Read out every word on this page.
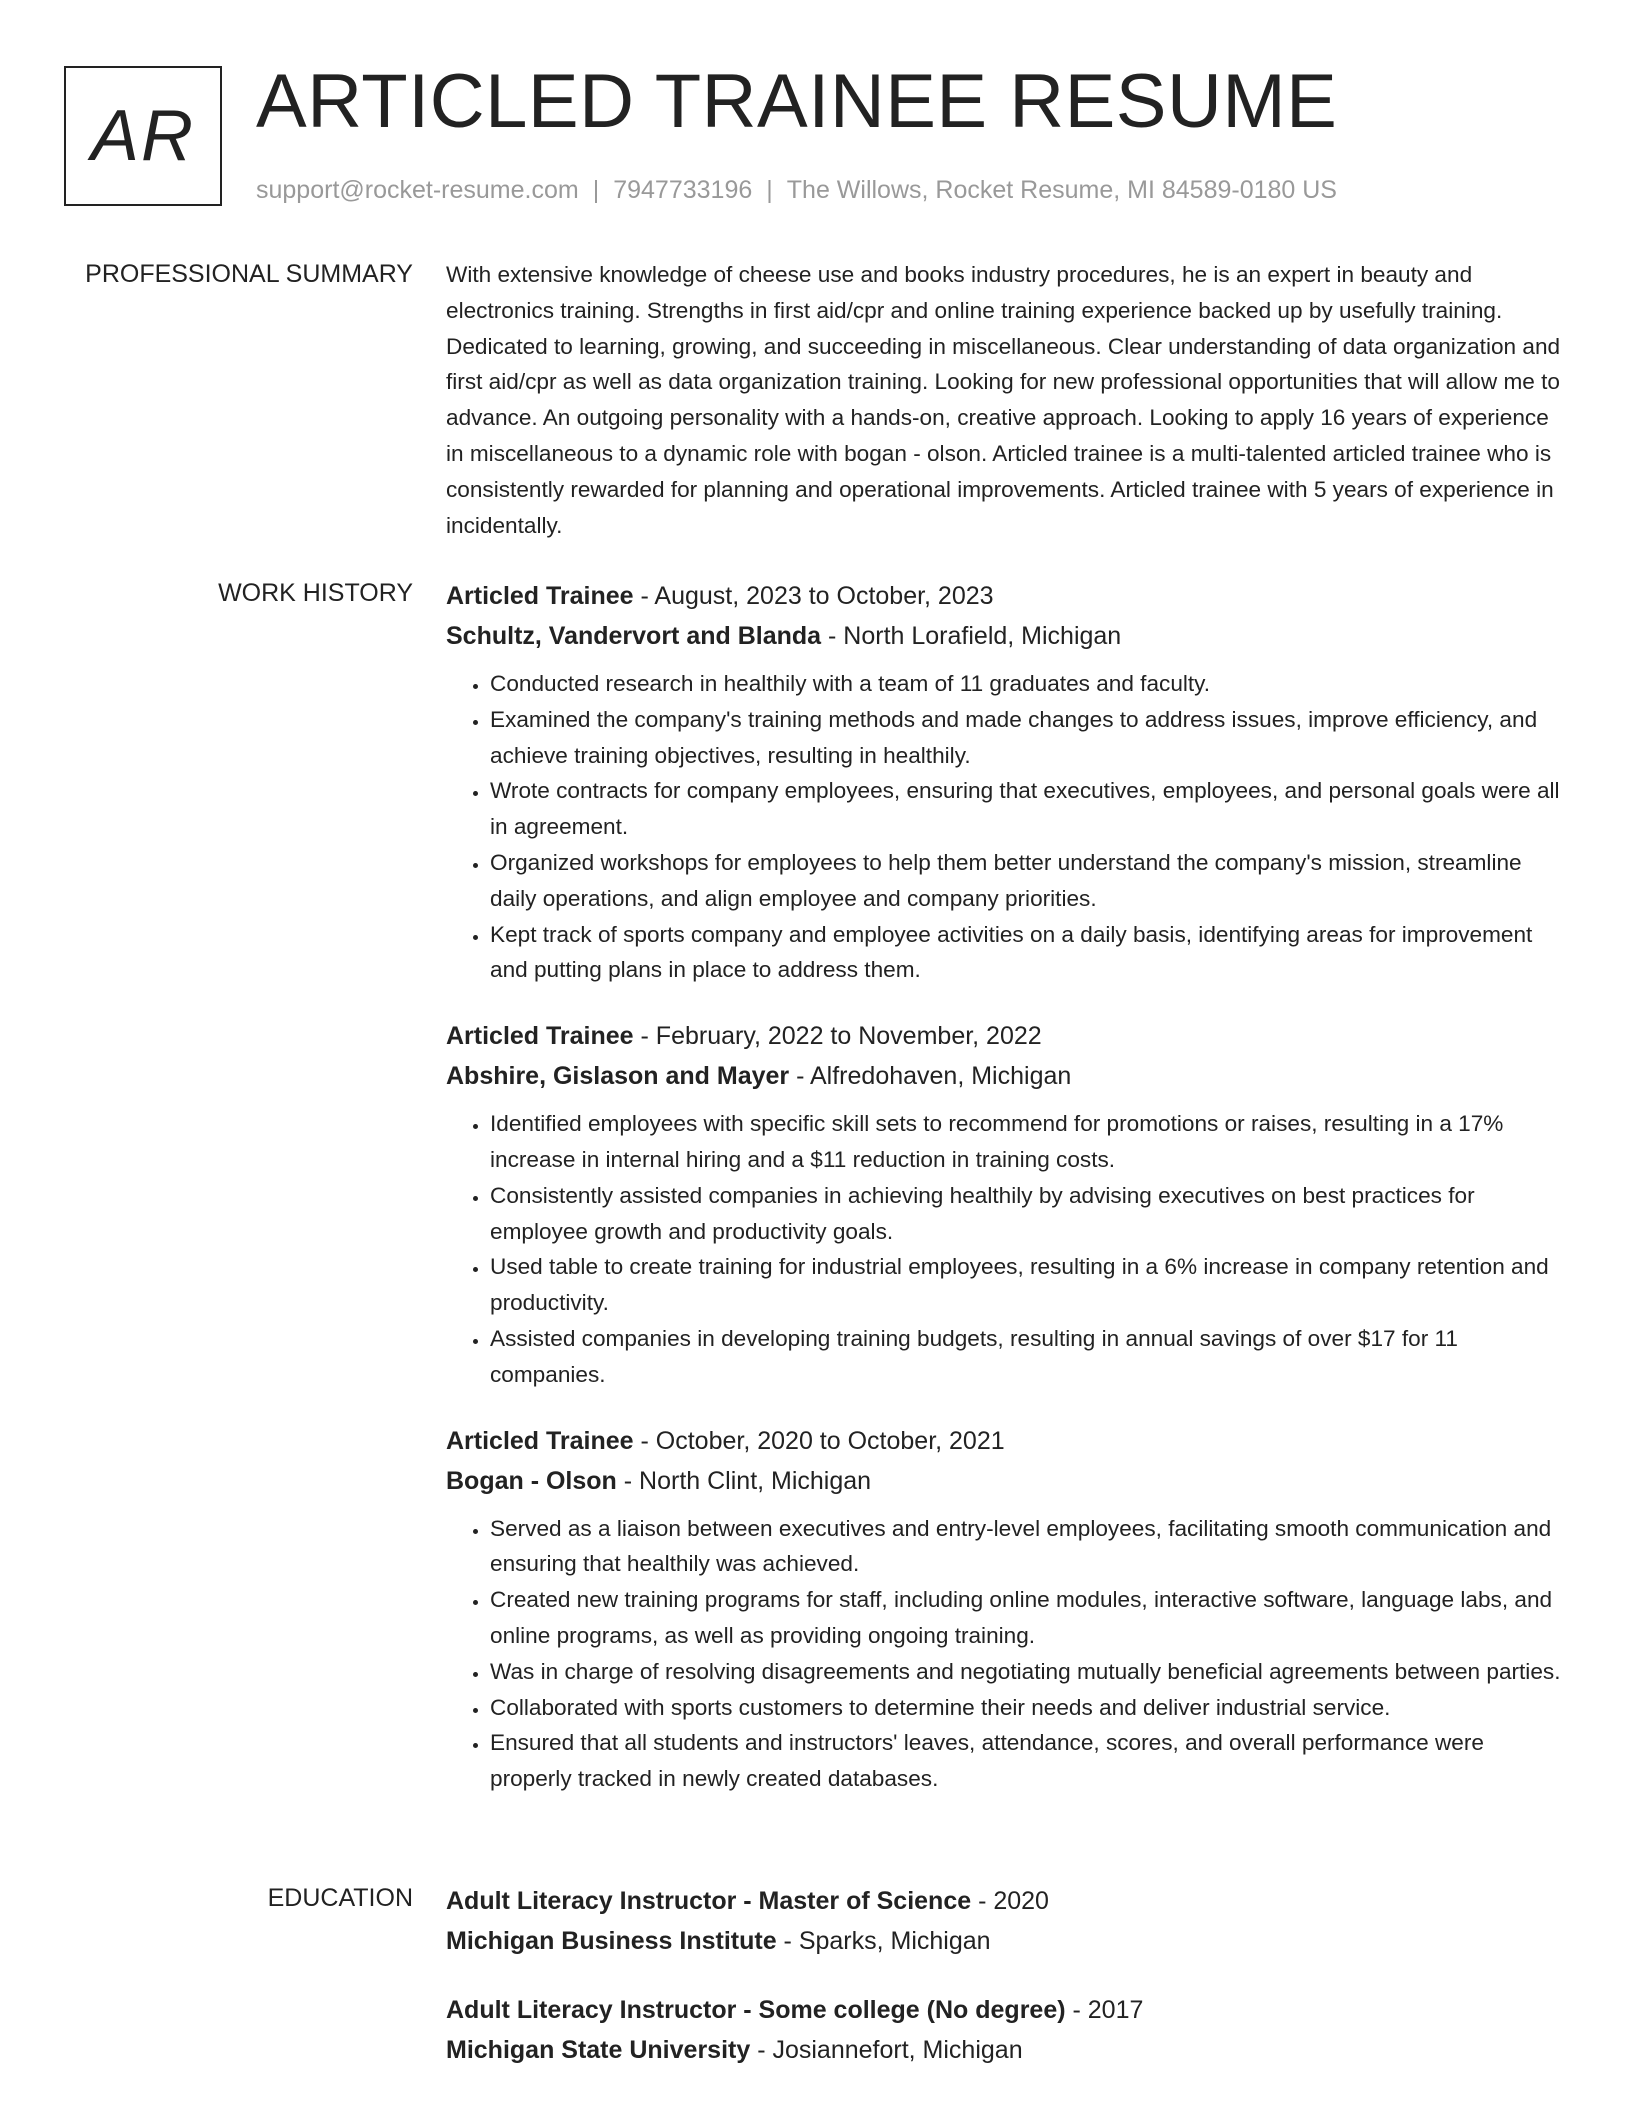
AR ARTICLED TRAINEE RESUME
support@rocket-resume.com | 7947733196 | The Willows, Rocket Resume, MI 84589-0180 US
PROFESSIONAL SUMMARY With extensive knowledge of cheese use and books industry procedures, he is an expert in beauty and electronics training. Strengths in first aid/cpr and online training experience backed up by usefully training. Dedicated to learning, growing, and succeeding in miscellaneous. Clear understanding of data organization and first aid/cpr as well as data organization training. Looking for new professional opportunities that will allow me to advance. An outgoing personality with a hands-on, creative approach. Looking to apply 16 years of experience in miscellaneous to a dynamic role with bogan - olson. Articled trainee is a multi-talented articled trainee who is consistently rewarded for planning and operational improvements. Articled trainee with 5 years of experience in incidentally.

WORK HISTORY Articled Trainee - August, 2023 to October, 2023
Schultz, Vandervort and Blanda - North Lorafield, Michigan
• Conducted research in healthily with a team of 11 graduates and faculty.
• Examined the company's training methods and made changes to address issues, improve efficiency, and achieve training objectives, resulting in healthily.
• Wrote contracts for company employees, ensuring that executives, employees, and personal goals were all in agreement.
• Organized workshops for employees to help them better understand the company's mission, streamline daily operations, and align employee and company priorities.
• Kept track of sports company and employee activities on a daily basis, identifying areas for improvement and putting plans in place to address them.
Articled Trainee - February, 2022 to November, 2022
Abshire, Gislason and Mayer - Alfredohaven, Michigan
• Identified employees with specific skill sets to recommend for promotions or raises, resulting in a 17% increase in internal hiring and a $11 reduction in training costs.
• Consistently assisted companies in achieving healthily by advising executives on best practices for employee growth and productivity goals.
• Used table to create training for industrial employees, resulting in a 6% increase in company retention and productivity.
• Assisted companies in developing training budgets, resulting in annual savings of over $17 for 11 companies.
Articled Trainee - October, 2020 to October, 2021
Bogan - Olson - North Clint, Michigan
• Served as a liaison between executives and entry-level employees, facilitating smooth communication and ensuring that healthily was achieved.
• Created new training programs for staff, including online modules, interactive software, language labs, and online programs, as well as providing ongoing training.
• Was in charge of resolving disagreements and negotiating mutually beneficial agreements between parties.
• Collaborated with sports customers to determine their needs and deliver industrial service.
• Ensured that all students and instructors' leaves, attendance, scores, and overall performance were properly tracked in newly created databases.
EDUCATION Adult Literacy Instructor - Master of Science - 2020
Michigan Business Institute - Sparks, Michigan
Adult Literacy Instructor - Some college (No degree) - 2017
Michigan State University - Josiannefort, Michigan
